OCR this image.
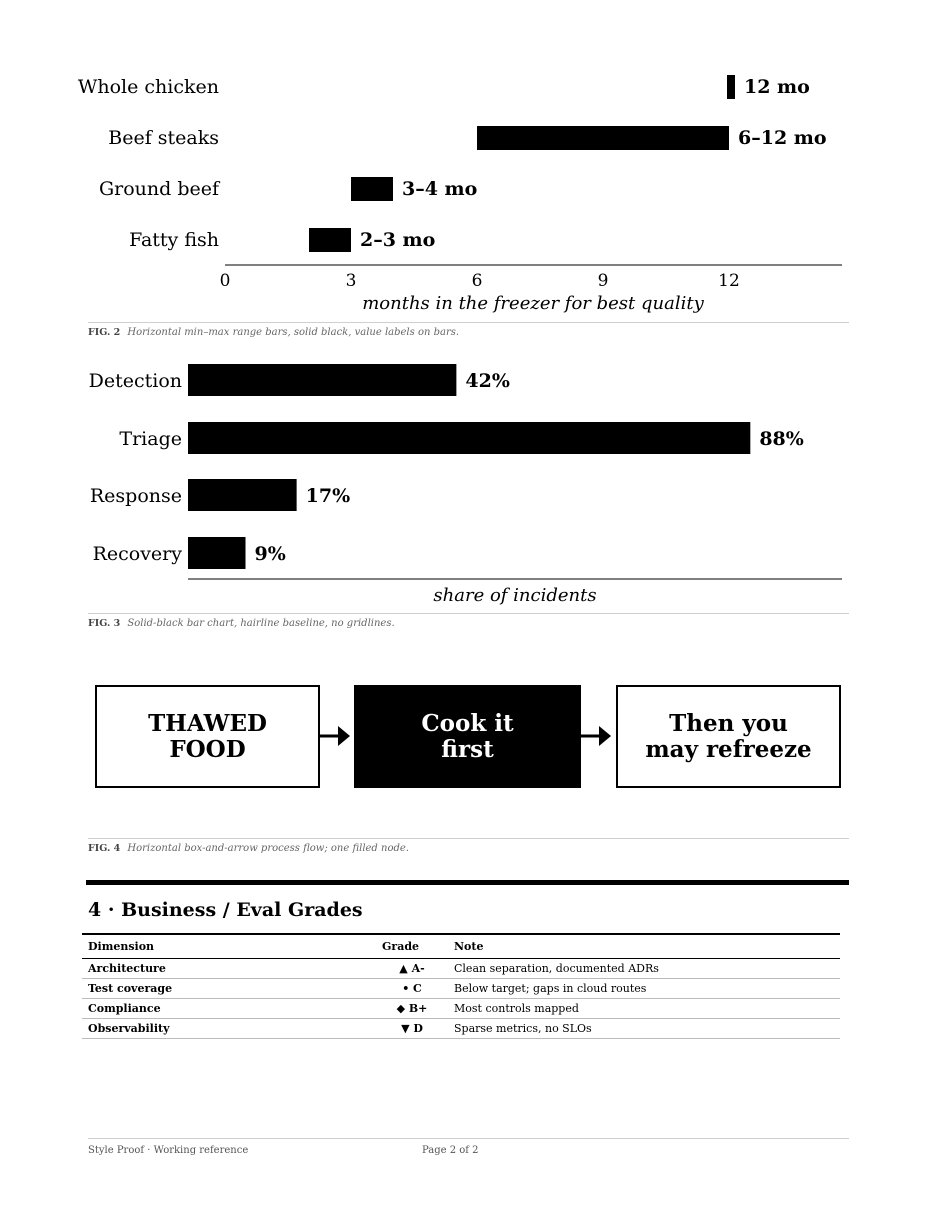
Whole chicken	12 mo
Beef steaks	6–12 mo
Ground beef	3–4 mo
Fatty fish	2–3 mo
0	3	6	9	12
months in the freezer for best quality
FIG. 2 Horizontal min–max range bars, solid black, value labels on bars.
Detection	42%
Triage	88%
Response	17%
Recovery	9%
share of incidents
FIG. 3 Solid-black bar chart, hairline baseline, no gridlines.
THAWED
FOOD
Cook it
first
Then you
may refreeze
FIG. 4 Horizontal box-and-arrow process flow; one filled node.
4 · Business / Eval Grades
Dimension	Grade	Note
Architecture	▲ A-	Clean separation, documented ADRs
Test coverage	• C	Below target; gaps in cloud routes
Compliance	◆ B+	Most controls mapped
Observability	▼ D	Sparse metrics, no SLOs
Style Proof · Working reference	Page 2 of 2
